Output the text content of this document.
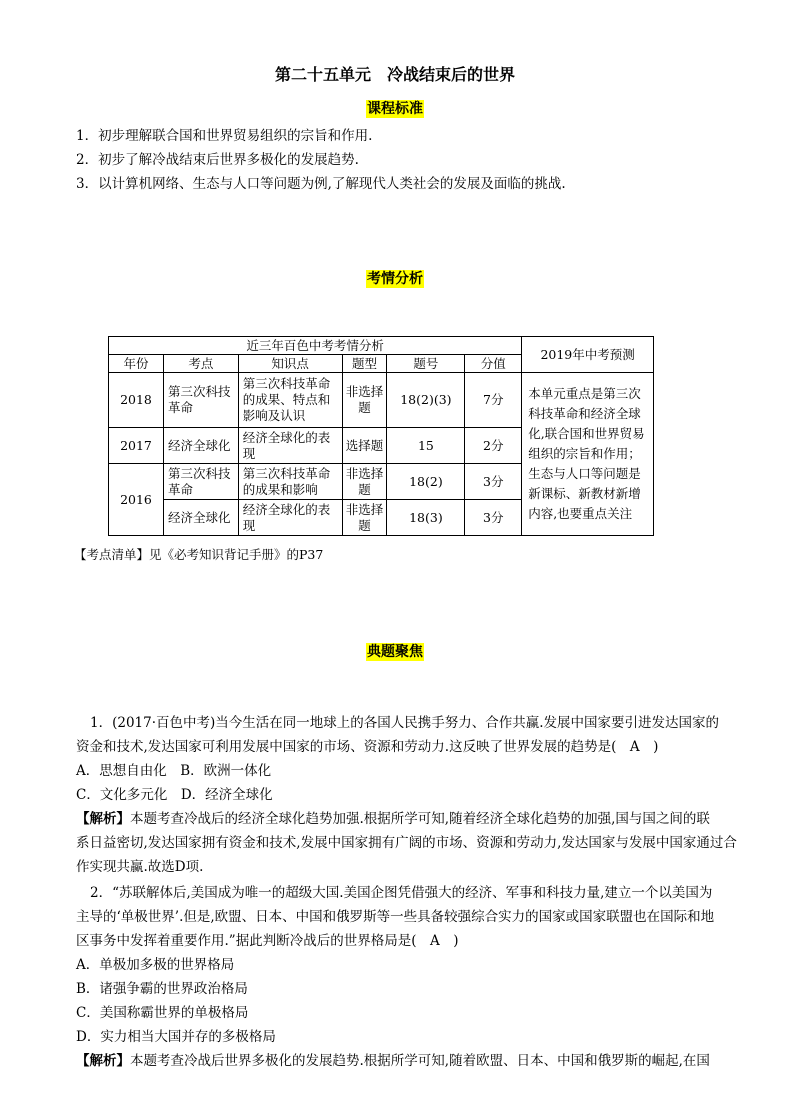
第二十五单元　冷战结束后的世界
课程标准
1．初步理解联合国和世界贸易组织的宗旨和作用.
2．初步了解冷战结束后世界多极化的发展趋势.
3．以计算机网络、生态与人口等问题为例,了解现代人类社会的发展及面临的挑战.
考情分析
近三年百色中考考情分析						2019年中考预测
年份	考点	知识点	题型	题号	分值	
2018	第三次科技革命	第三次科技革命的成果、特点和影响及认识	非选择题	18(2)(3)	7分	本单元重点是第三次科技革命和经济全球化,联合国和世界贸易组织的宗旨和作用；生态与人口等问题是新课标、新教材新增内容,也要重点关注
2017	经济全球化	经济全球化的表现	选择题	15	2分	
2016	第三次科技革命	第三次科技革命的成果和影响	非选择题	18(2)	3分	
	经济全球化	经济全球化的表现	非选择题	18(3)	3分	
【考点清单】见《必考知识背记手册》的P37
典题聚焦
1．(2017·百色中考)当今生活在同一地球上的各国人民携手努力、合作共赢.发展中国家要引进发达国家的
资金和技术,发达国家可利用发展中国家的市场、资源和劳动力.这反映了世界发展的趋势是(　A　)
A．思想自由化　B．欧洲一体化
C．文化多元化　D．经济全球化
【解析】本题考查冷战后的经济全球化趋势加强.根据所学可知,随着经济全球化趋势的加强,国与国之间的联
系日益密切,发达国家拥有资金和技术,发展中国家拥有广阔的市场、资源和劳动力,发达国家与发展中国家通过合
作实现共赢.故选D项.
2．“苏联解体后,美国成为唯一的超级大国.美国企图凭借强大的经济、军事和科技力量,建立一个以美国为
主导的‘单极世界’.但是,欧盟、日本、中国和俄罗斯等一些具备较强综合实力的国家或国家联盟也在国际和地
区事务中发挥着重要作用.”据此判断冷战后的世界格局是(　A　)
A．单极加多极的世界格局
B．诸强争霸的世界政治格局
C．美国称霸世界的单极格局
D．实力相当大国并存的多极格局
【解析】本题考查冷战后世界多极化的发展趋势.根据所学可知,随着欧盟、日本、中国和俄罗斯的崛起,在国
